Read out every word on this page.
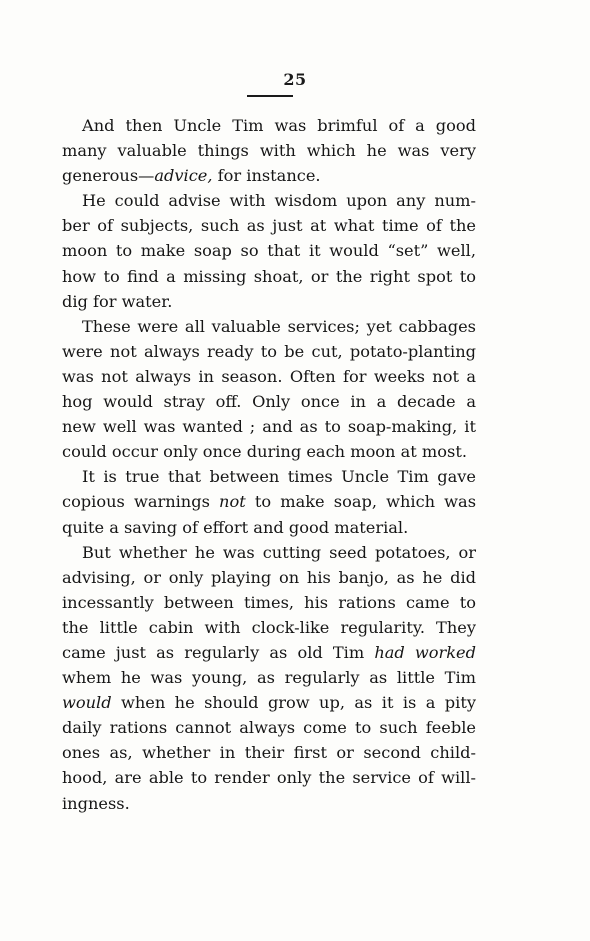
25
And then Uncle Tim was brimful of a good
many valuable things with which he was very
generous—advice, for instance.
He could advise with wisdom upon any num-
ber of subjects, such as just at what time of the
moon to make soap so that it would “set” well,
how to find a missing shoat, or the right spot to
dig for water.
These were all valuable services; yet cabbages
were not always ready to be cut, potato-planting
was not always in season. Often for weeks not a
hog would stray off. Only once in a decade a
new well was wanted ; and as to soap-making, it
could occur only once during each moon at most.
It is true that between times Uncle Tim gave
copious warnings not to make soap, which was
quite a saving of effort and good material.
But whether he was cutting seed potatoes, or
advising, or only playing on his banjo, as he did
incessantly between times, his rations came to
the little cabin with clock-like regularity. They
came just as regularly as old Tim had worked
whem he was young, as regularly as little Tim
would when he should grow up, as it is a pity
daily rations cannot always come to such feeble
ones as, whether in their first or second child-
hood, are able to render only the service of will-
ingness.
